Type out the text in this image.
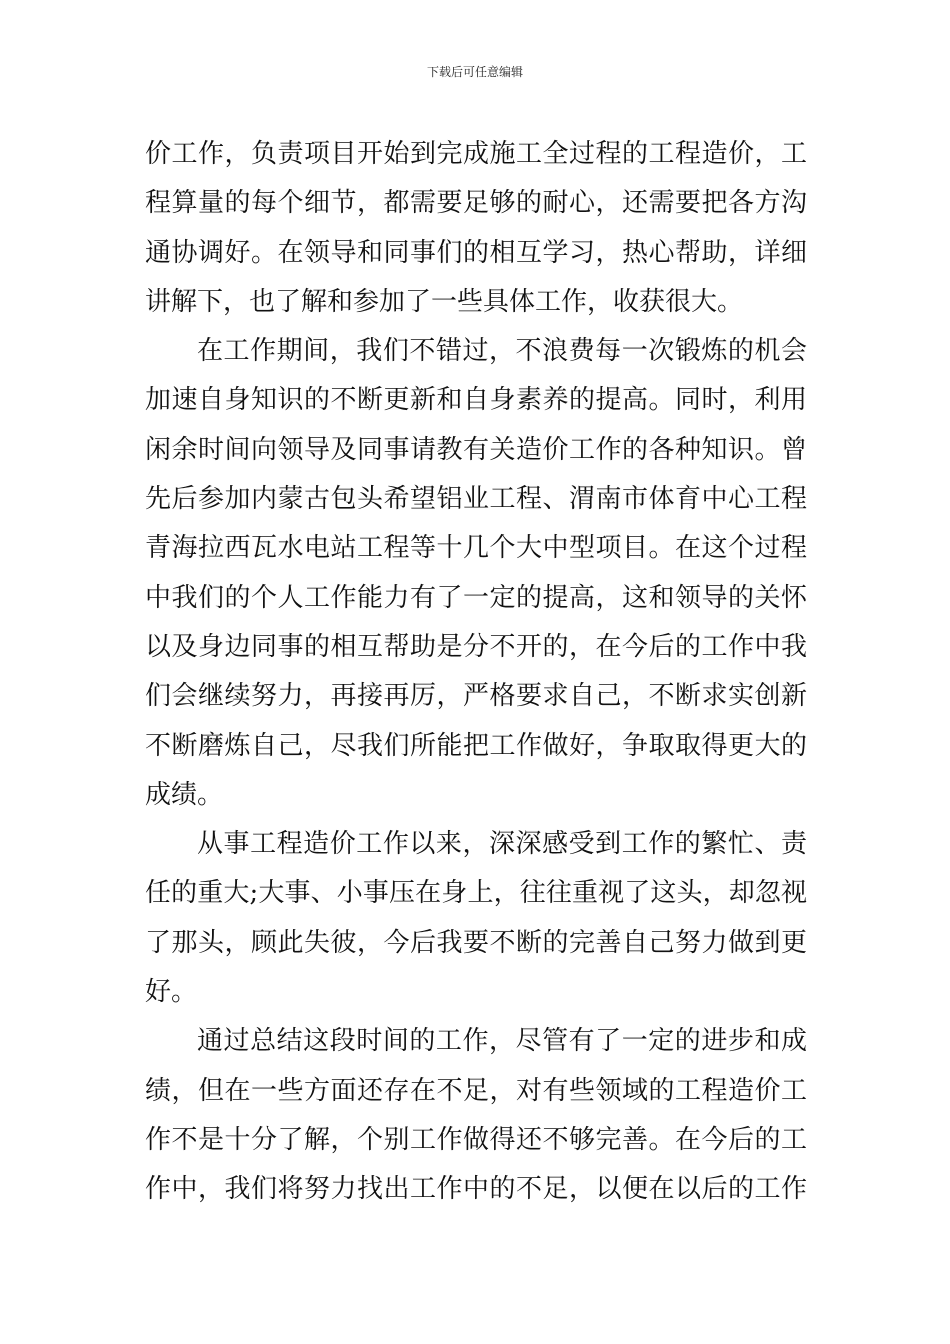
下载后可任意编辑
价工作，负责项目开始到完成施工全过程的工程造价，工
程算量的每个细节，都需要足够的耐心，还需要把各方沟
通协调好。在领导和同事们的相互学习，热心帮助，详细
讲解下，也了解和参加了一些具体工作，收获很大。
在工作期间，我们不错过，不浪费每一次锻炼的机会
加速自身知识的不断更新和自身素养的提高。同时，利用
闲余时间向领导及同事请教有关造价工作的各种知识。曾
先后参加内蒙古包头希望铝业工程、渭南市体育中心工程
青海拉西瓦水电站工程等十几个大中型项目。在这个过程
中我们的个人工作能力有了一定的提高，这和领导的关怀
以及身边同事的相互帮助是分不开的，在今后的工作中我
们会继续努力，再接再厉，严格要求自己，不断求实创新
不断磨炼自己，尽我们所能把工作做好，争取取得更大的
成绩。
从事工程造价工作以来，深深感受到工作的繁忙、责
任的重大;大事、小事压在身上，往往重视了这头，却忽视
了那头，顾此失彼，今后我要不断的完善自己努力做到更
好。
通过总结这段时间的工作，尽管有了一定的进步和成
绩，但在一些方面还存在不足，对有些领域的工程造价工
作不是十分了解，个别工作做得还不够完善。在今后的工
作中，我们将努力找出工作中的不足，以便在以后的工作
